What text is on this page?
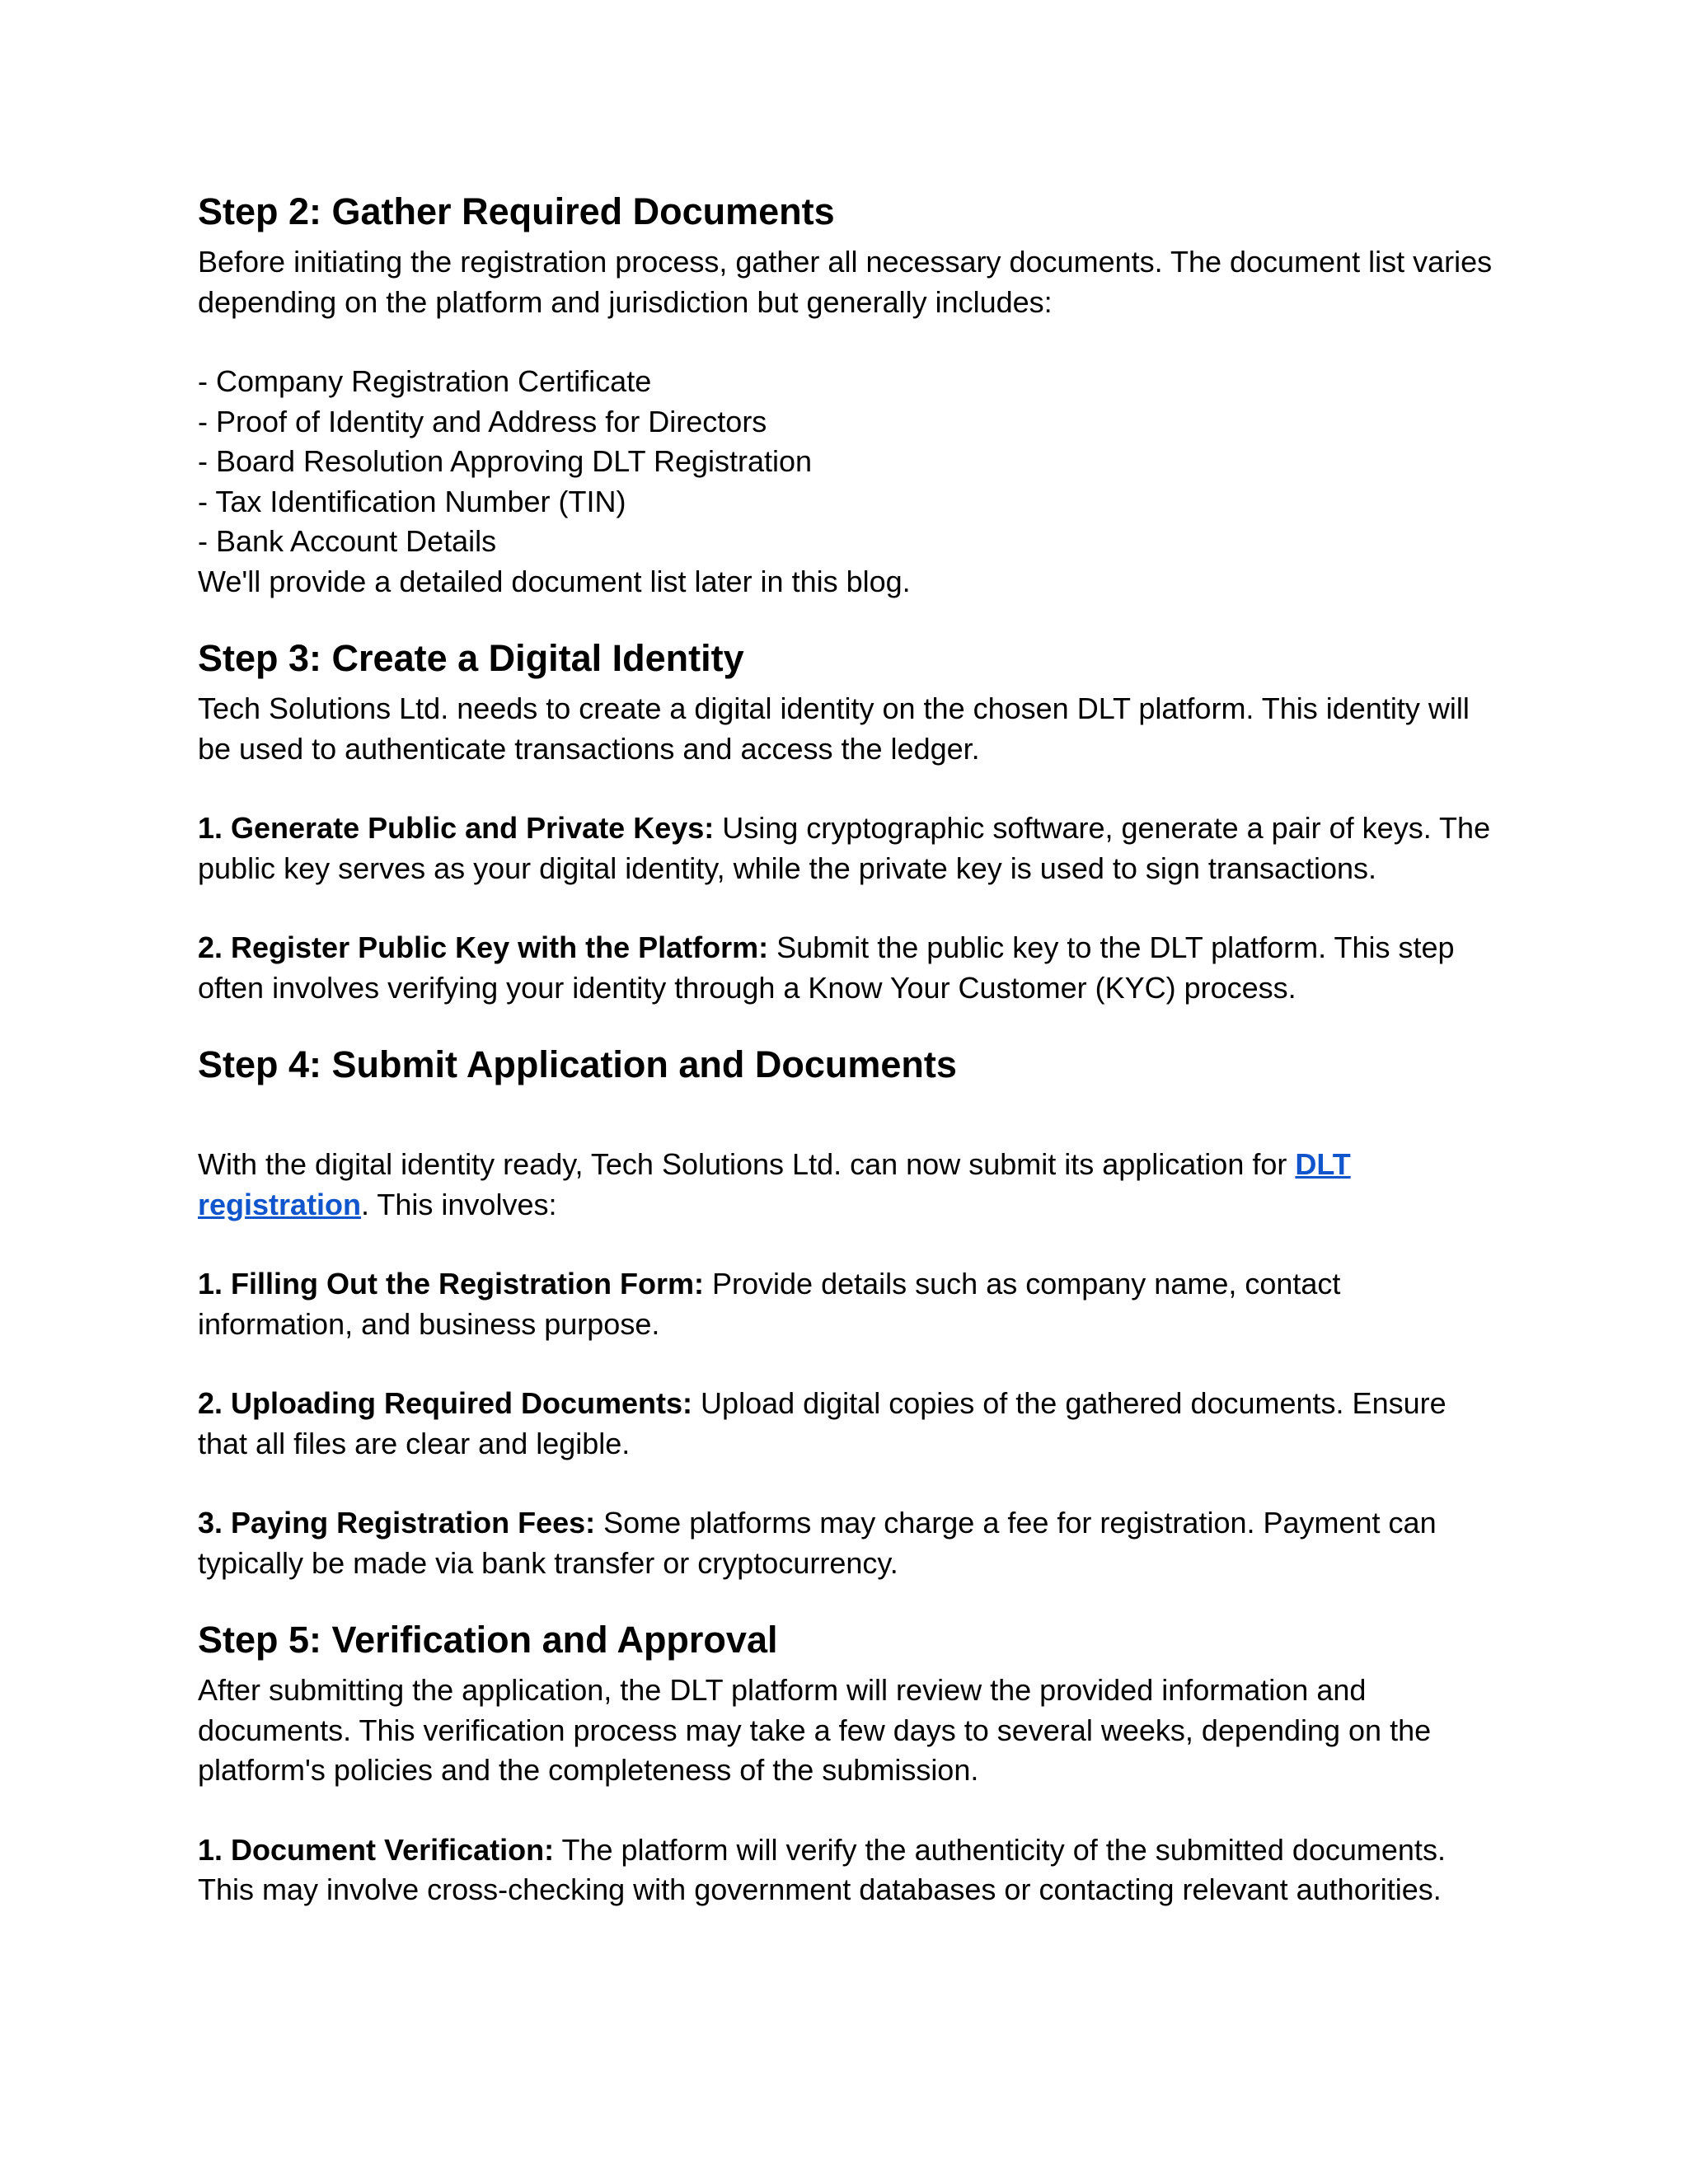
Step 2: Gather Required Documents

Before initiating the registration process, gather all necessary documents. The document list varies depending on the platform and jurisdiction but generally includes:

- Company Registration Certificate
- Proof of Identity and Address for Directors
- Board Resolution Approving DLT Registration
- Tax Identification Number (TIN)
- Bank Account Details

We'll provide a detailed document list later in this blog.

Step 3: Create a Digital Identity

Tech Solutions Ltd. needs to create a digital identity on the chosen DLT platform. This identity will be used to authenticate transactions and access the ledger.

1. Generate Public and Private Keys: Using cryptographic software, generate a pair of keys. The public key serves as your digital identity, while the private key is used to sign transactions.

2. Register Public Key with the Platform: Submit the public key to the DLT platform. This step often involves verifying your identity through a Know Your Customer (KYC) process.

Step 4: Submit Application and Documents

With the digital identity ready, Tech Solutions Ltd. can now submit its application for DLT registration. This involves:

1. Filling Out the Registration Form: Provide details such as company name, contact information, and business purpose.

2. Uploading Required Documents: Upload digital copies of the gathered documents. Ensure that all files are clear and legible.

3. Paying Registration Fees: Some platforms may charge a fee for registration. Payment can typically be made via bank transfer or cryptocurrency.

Step 5: Verification and Approval

After submitting the application, the DLT platform will review the provided information and documents. This verification process may take a few days to several weeks, depending on the platform's policies and the completeness of the submission.

1. Document Verification: The platform will verify the authenticity of the submitted documents. This may involve cross-checking with government databases or contacting relevant authorities.
